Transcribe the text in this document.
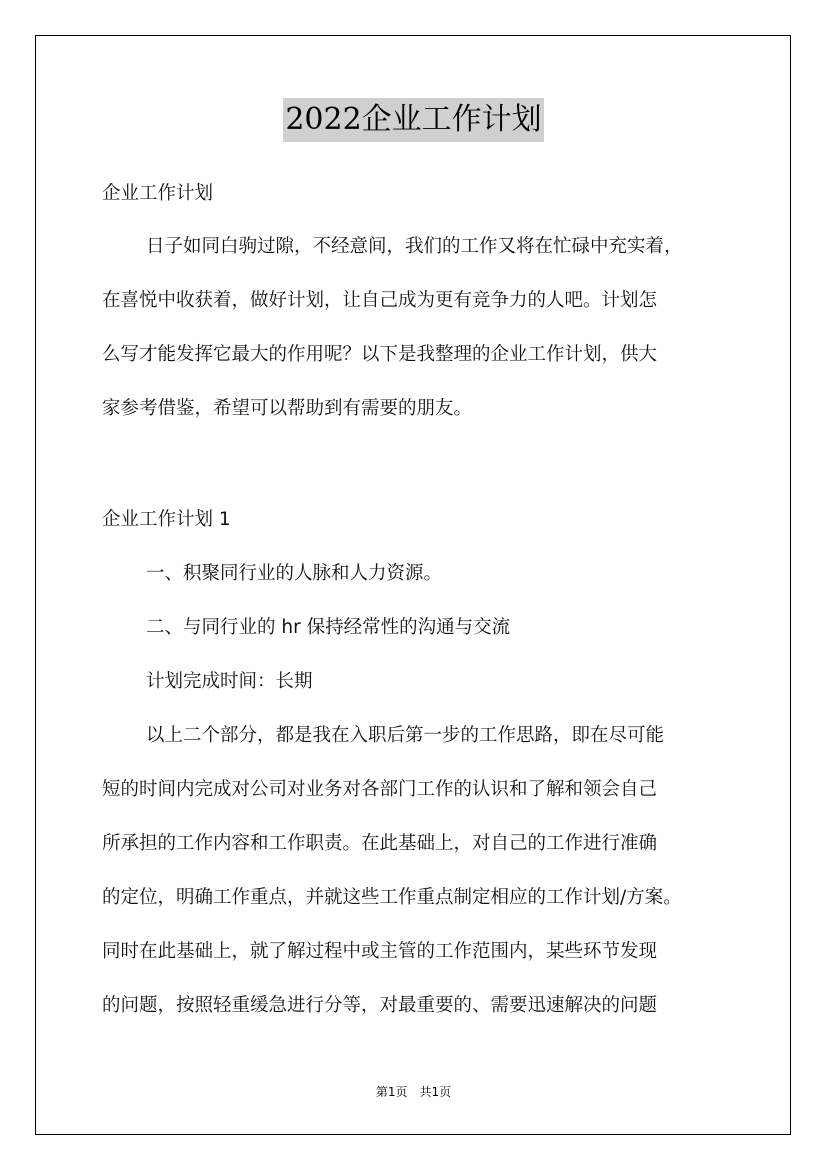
2022企业工作计划
企业工作计划
日子如同白驹过隙，不经意间，我们的工作又将在忙碌中充实着，
在喜悦中收获着，做好计划，让自己成为更有竞争力的人吧。计划怎
么写才能发挥它最大的作用呢？以下是我整理的企业工作计划，供大
家参考借鉴，希望可以帮助到有需要的朋友。
企业工作计划 1
一、积聚同行业的人脉和人力资源。
二、与同行业的 hr 保持经常性的沟通与交流
计划完成时间：长期
以上二个部分，都是我在入职后第一步的工作思路，即在尽可能
短的时间内完成对公司对业务对各部门工作的认识和了解和领会自己
所承担的工作内容和工作职责。在此基础上，对自己的工作进行准确
的定位，明确工作重点，并就这些工作重点制定相应的工作计划/方案。
同时在此基础上，就了解过程中或主管的工作范围内，某些环节发现
的问题，按照轻重缓急进行分等，对最重要的、需要迅速解决的问题
第1页　共1页
